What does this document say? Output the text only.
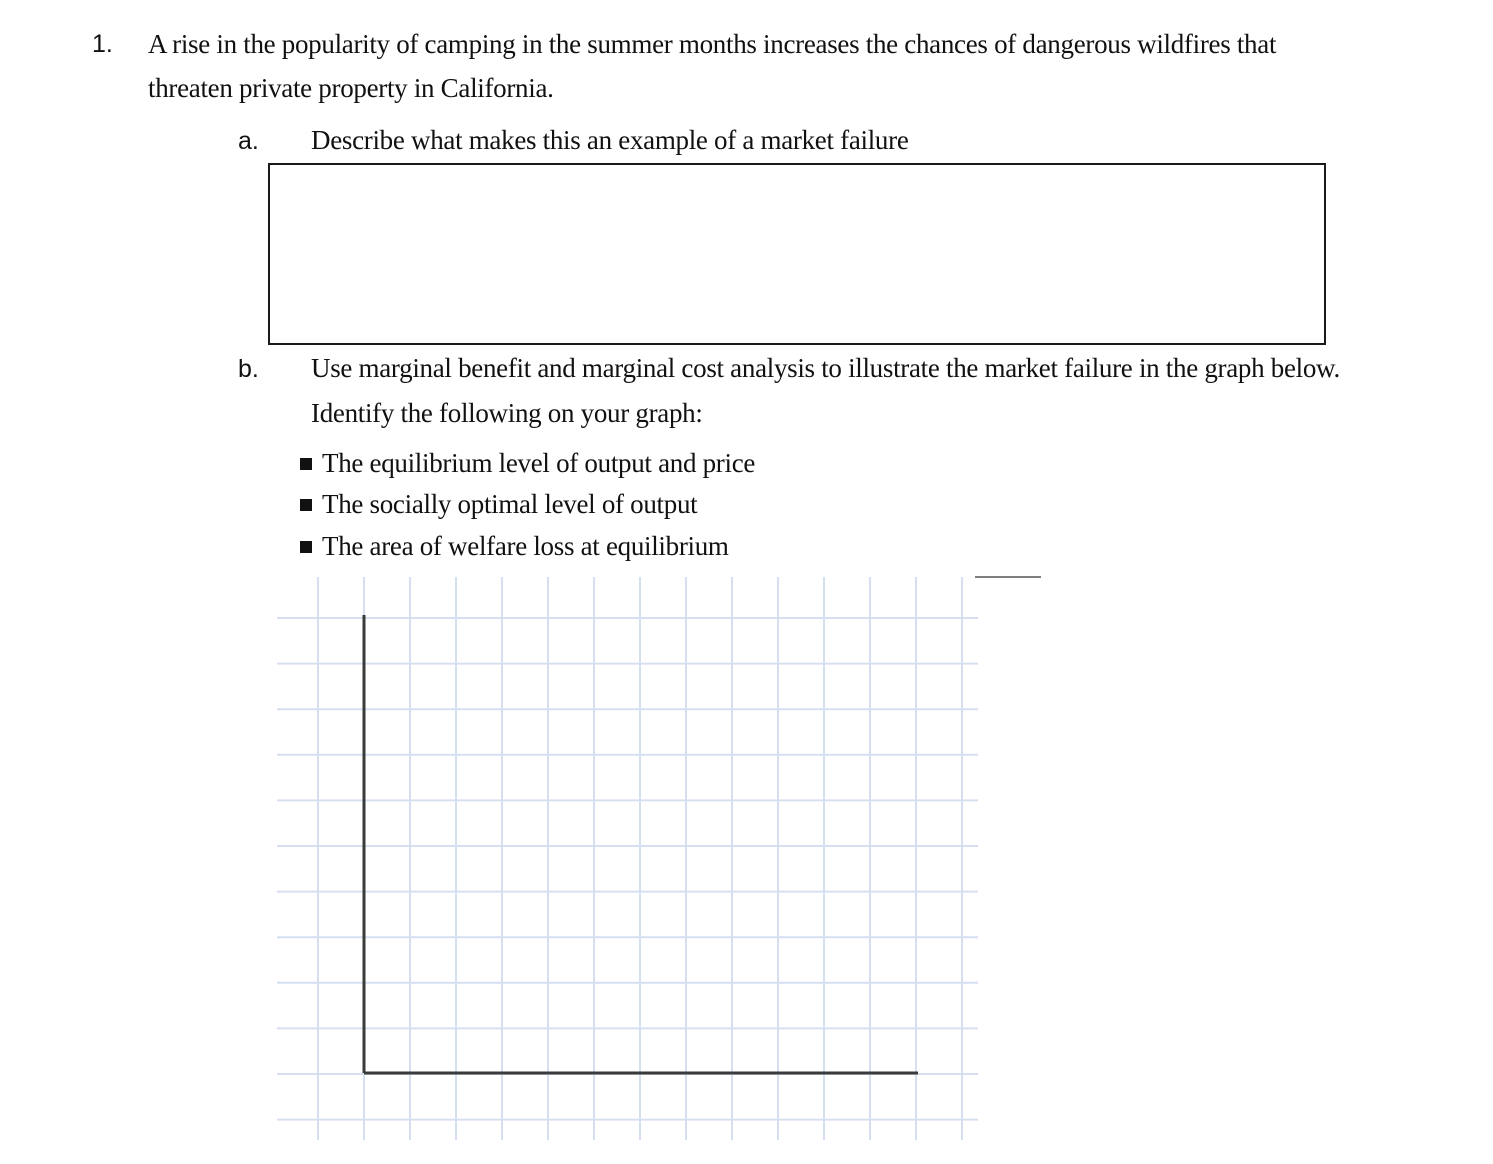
1. A rise in the popularity of camping in the summer months increases the chances of dangerous wildfires that
threaten private property in California.
a. Describe what makes this an example of a market failure
b. Use marginal benefit and marginal cost analysis to illustrate the market failure in the graph below.
Identify the following on your graph:
The equilibrium level of output and price
The socially optimal level of output
The area of welfare loss at equilibrium
